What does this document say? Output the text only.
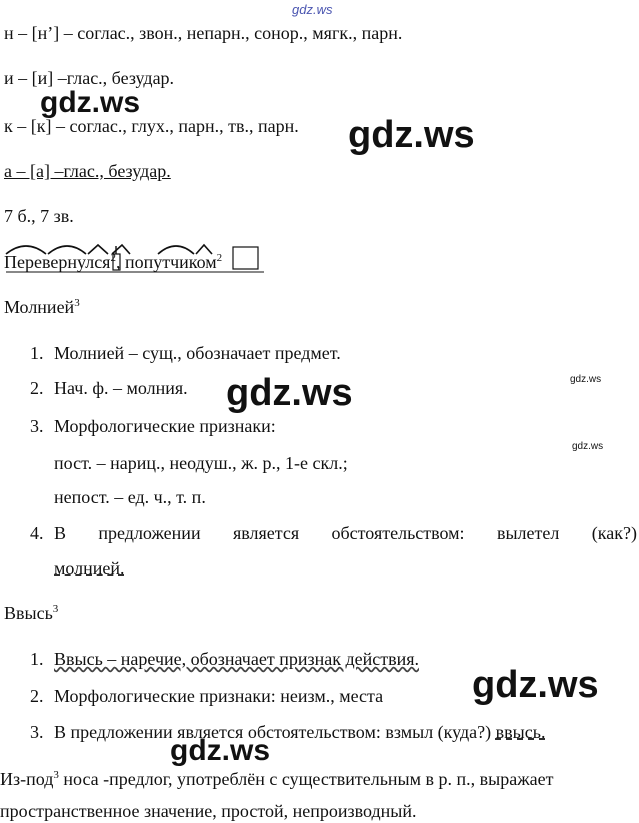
gdz.ws
н – [н’] – соглас., звон., непарн., сонор., мягк., парн.
и – [и] –глас., безудар.
к – [к] – соглас., глух., парн., тв., парн.
а – [а] –глас., безудар.
7 б., 7 зв.
gdz.ws
gdz.ws
Перевернулся$^2$, попутчиком$^2$
Молнией$^3$
1. Молнией – сущ., обозначает предмет.
2. Нач. ф. – молния. gdz.ws	gdz.ws
3. Морфологические признаки:
gdz.ws
пост. – нариц., неодуш., ж. р., 1-е скл.;
непост. – ед. ч., т. п.
4. В предложении является обстоятельством: вылетел (как?)
молнией.
Ввысь$^3$
1. Ввысь – наречие, обозначает признак действия.
2. Морфологические признаки: неизм., места gdz.ws
3. В предложении является обстоятельством: взмыл (куда?) ввысь.
gdz.ws
Из-под$^3$ носа -предлог, употреблён с существительным в р. п., выражает
пространственное значение, простой, непроизводный.
